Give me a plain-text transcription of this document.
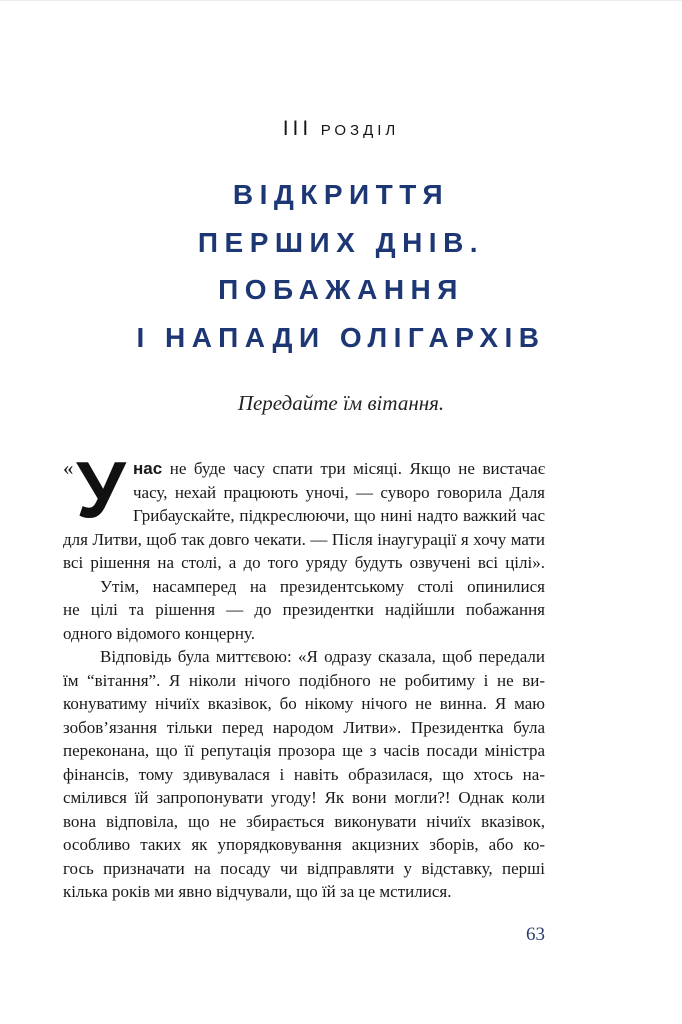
ІІІ РОЗДІЛ
ВІДКРИТТЯ
ПЕРШИХ ДНІВ.
ПОБАЖАННЯ
І НАПАДИ ОЛІГАРХІВ
Передайте їм вітання.
« У нас не буде часу спати три місяці. Якщо не вистачає
часу, нехай працюють уночі, — суворо говорила Даля
Грибаускайте, підкреслюючи, що нині надто важкий час
для Литви, щоб так довго чекати. — Після інаугурації я хочу мати
всі рішення на столі, а до того уряду будуть озвучені всі цілі».
Утім, насамперед на президентському столі опинилися
не цілі та рішення — до президентки надійшли побажання
одного відомого концерну.
Відповідь була миттєвою: «Я одразу сказала, щоб передали
їм “вітання”. Я ніколи нічого подібного не робитиму і не ви-
конуватиму нічиїх вказівок, бо нікому нічого не винна. Я маю
зобов’язання тільки перед народом Литви». Президентка була
переконана, що її репутація прозора ще з часів посади міністра
фінансів, тому здивувалася і навіть образилася, що хтось на-
смілився їй запропонувати угоду! Як вони могли?! Однак коли
вона відповіла, що не збирається виконувати нічиїх вказівок,
особливо таких як упорядковування акцизних зборів, або ко-
гось призначати на посаду чи відправляти у відставку, перші
кілька років ми явно відчували, що їй за це мстилися.
63
